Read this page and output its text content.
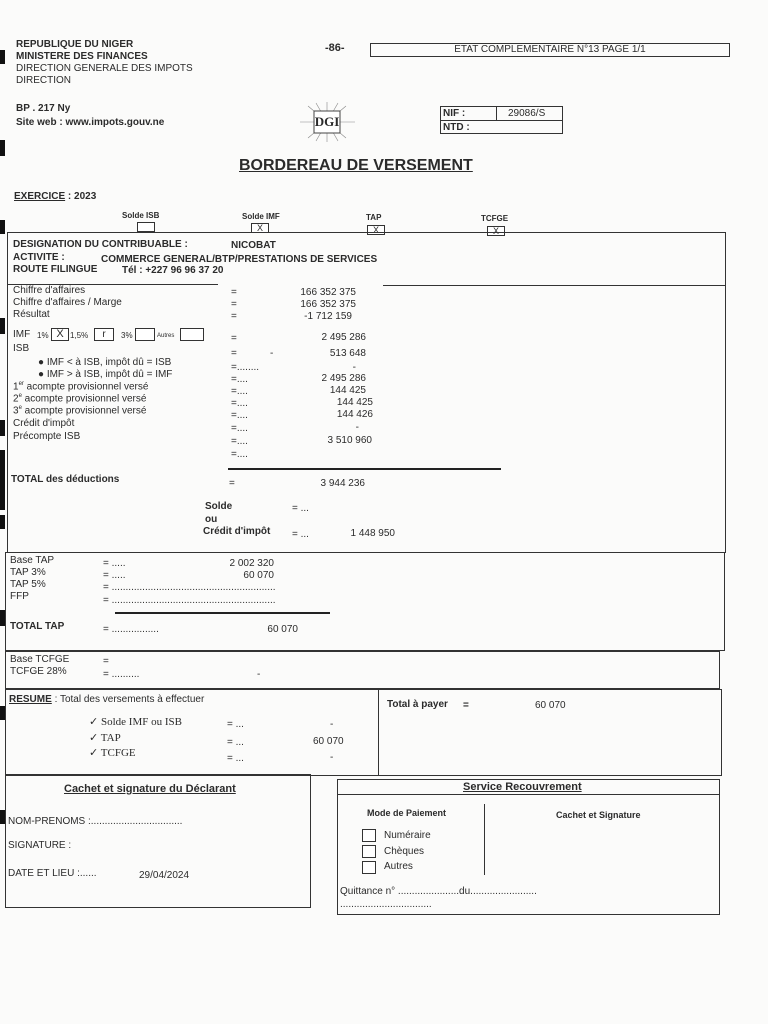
REPUBLIQUE DU NIGER
MINISTERE DES FINANCES
DIRECTION GENERALE DES IMPOTS
DIRECTION
-86-	ETAT COMPLEMENTAIRE N°13 PAGE 1/1
BP . 217 Ny
Site web : www.impots.gouv.ne	DGI
NIF :	29086/S
NTD :
BORDEREAU DE VERSEMENT
EXERCICE : 2023
Solde ISB	Solde IMF
X
TAP
X
TCFGE
X
DESIGNATION DU CONTRIBUABLE :	NICOBAT
ACTIVITE :	COMMERCE GENERAL/BTP/PRESTATIONS DE SERVICES
ROUTE FILINGUE Tél : +227 96 96 37 20
Chiffre d'affaires	=	166 352 375
Chiffre d'affaires / Marge	=	166 352 375
Résultat	=	-1 712 159
IMF 1% X 1,5%	r	3%	Autres	=	2 495 286
ISB	=	-	513 648
● IMF < à ISB, impôt dû = ISB	=........	-
● IMF > à ISB, impôt dû = IMF	=....	2 495 286
1er acompte provisionnel versé	=....	144 425
2e acompte provisionnel versé	=....	144 425
3e acompte provisionnel versé	=....	144 426
Crédit d'impôt	=....	-
Précompte ISB	=....	3 510 960
=....
TOTAL des déductions	=	3 944 236
Solde	= ...
ou
Crédit d'impôt = ...	1 448 950
Base TAP	= .....	2 002 320
TAP 3%	= .....	60 070
TAP 5%	= ...........................................................
FFP	= ...........................................................
TOTAL TAP	= .................	60 070
Base TCFGE	=
TCFGE 28%	= ..........	-
RESUME : Total des versements à effectuer
✓ Solde IMF ou ISB	= ...	-
✓ TAP	= ...	60 070
✓ TCFGE	= ...	-
Total à payer =	60 070
Cachet et signature du Déclarant
NOM-PRENOMS :.................................
SIGNATURE :
DATE ET LIEU :......	29/04/2024
Service Recouvrement
Mode de Paiement	Cachet et Signature
Numéraire
Chèques
Autres
Quittance n° ......................du........................
.................................
